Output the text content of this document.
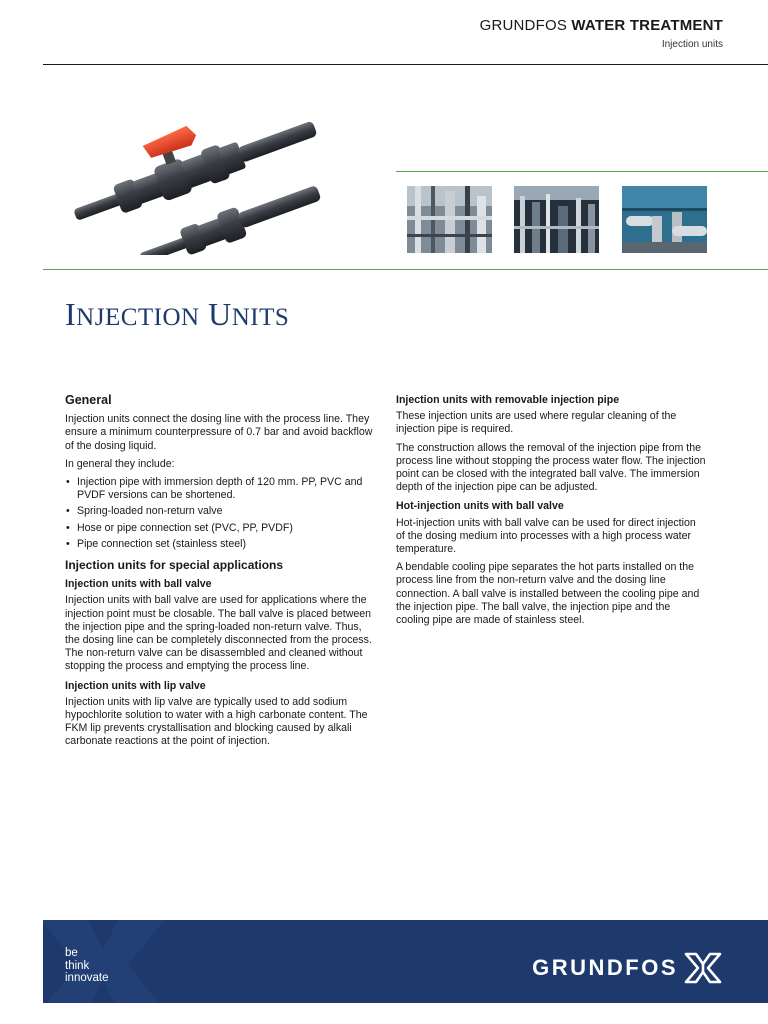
GRUNDFOS WATER TREATMENT
Injection units
INJECTION UNITS
General

Injection units connect the dosing line with the process line. They ensure a minimum counterpressure of 0.7 bar and avoid backflow of the dosing liquid.

In general they include:

• Injection pipe with immersion depth of 120 mm. PP, PVC and PVDF versions can be shortened.
• Spring-loaded non-return valve
• Hose or pipe connection set (PVC, PP, PVDF)
• Pipe connection set (stainless steel)
Injection units for special applications
Injection units with ball valve

Injection units with ball valve are used for applications where the injection point must be closable. The ball valve is placed between the injection pipe and the spring-loaded non-return valve. Thus, the dosing line can be completely disconnected from the process. The non-return valve can be disassembled and cleaned without stopping the process and emptying the process line.

Injection units with lip valve

Injection units with lip valve are typically used to add sodium hypochlorite solution to water with a high carbonate content. The FKM lip prevents crystallisation and blocking caused by alkali carbonate reactions at the point of injection.

Injection units with removable injection pipe

These injection units are used where regular cleaning of the injection pipe is required.

The construction allows the removal of the injection pipe from the process line without stopping the process water flow. The injection point can be closed with the integrated ball valve. The immersion depth of the injection pipe can be adjusted.

Hot-injection units with ball valve

Hot-injection units with ball valve can be used for direct injection of the dosing medium into processes with a high process water temperature.

A bendable cooling pipe separates the hot parts installed on the process line from the non-return valve and the dosing line connection. A ball valve is installed between the cooling pipe and the injection pipe. The ball valve, the injection pipe and the cooling pipe are made of stainless steel.

be
think
innovate	GRUNDFOS
